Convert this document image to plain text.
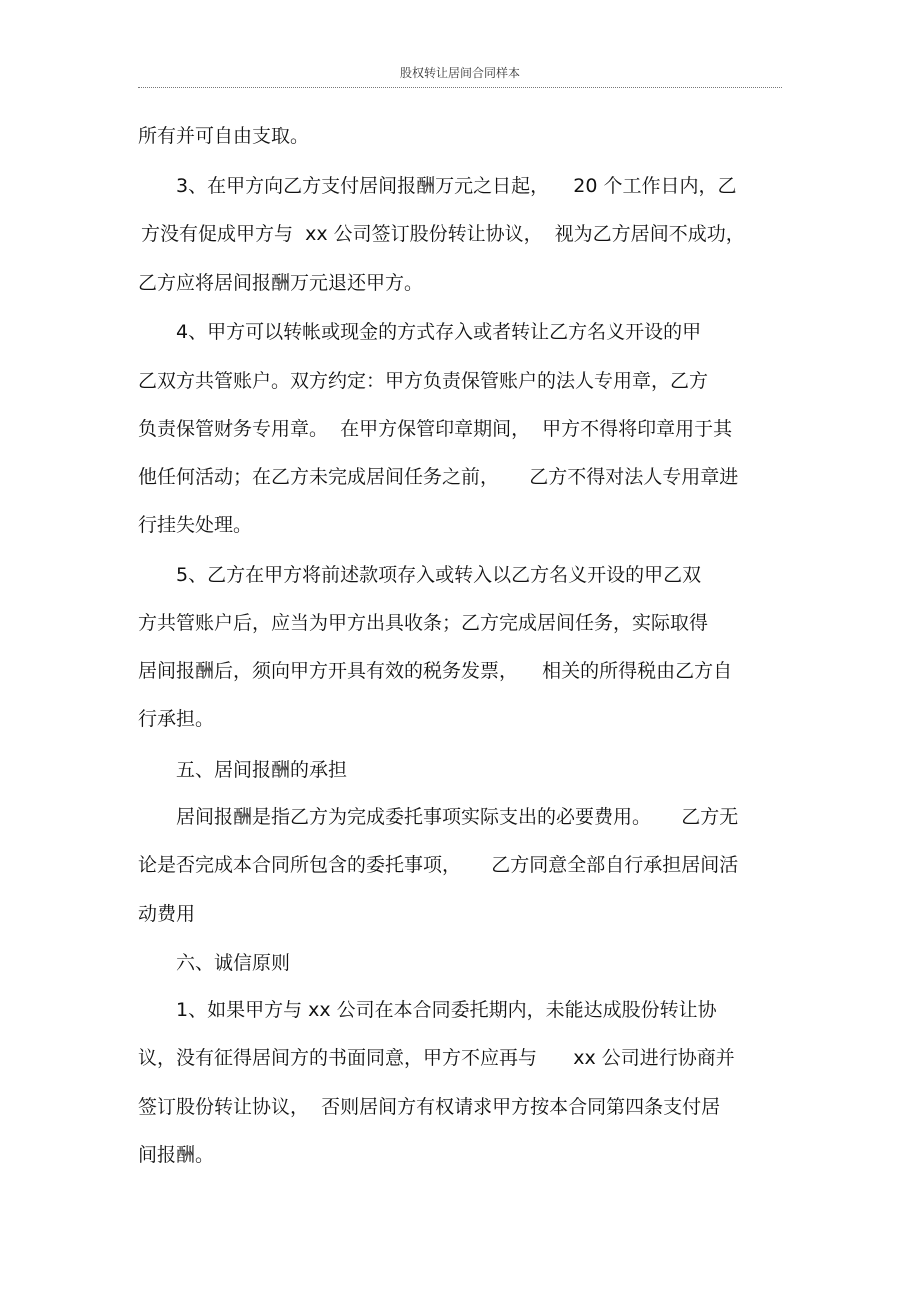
股权转让居间合同样本
所有并可自由支取。
3、在甲方向乙方支付居间报酬万元之日起，    20 个工作日内，乙
方没有促成甲方与  xx 公司签订股份转让协议，  视为乙方居间不成功，
乙方应将居间报酬万元退还甲方。
4、甲方可以转帐或现金的方式存入或者转让乙方名义开设的甲
乙双方共管账户。双方约定：甲方负责保管账户的法人专用章，乙方
负责保管财务专用章。  在甲方保管印章期间，  甲方不得将印章用于其
他任何活动；在乙方未完成居间任务之前，     乙方不得对法人专用章进
行挂失处理。
5、乙方在甲方将前述款项存入或转入以乙方名义开设的甲乙双
方共管账户后，应当为甲方出具收条；乙方完成居间任务，实际取得
居间报酬后，须向甲方开具有效的税务发票，    相关的所得税由乙方自
行承担。
五、居间报酬的承担
居间报酬是指乙方为完成委托事项实际支出的必要费用。     乙方无
论是否完成本合同所包含的委托事项，     乙方同意全部自行承担居间活
动费用
六、诚信原则
1、如果甲方与 xx 公司在本合同委托期内，未能达成股份转让协
议，没有征得居间方的书面同意，甲方不应再与      xx 公司进行协商并
签订股份转让协议，  否则居间方有权请求甲方按本合同第四条支付居
间报酬。
